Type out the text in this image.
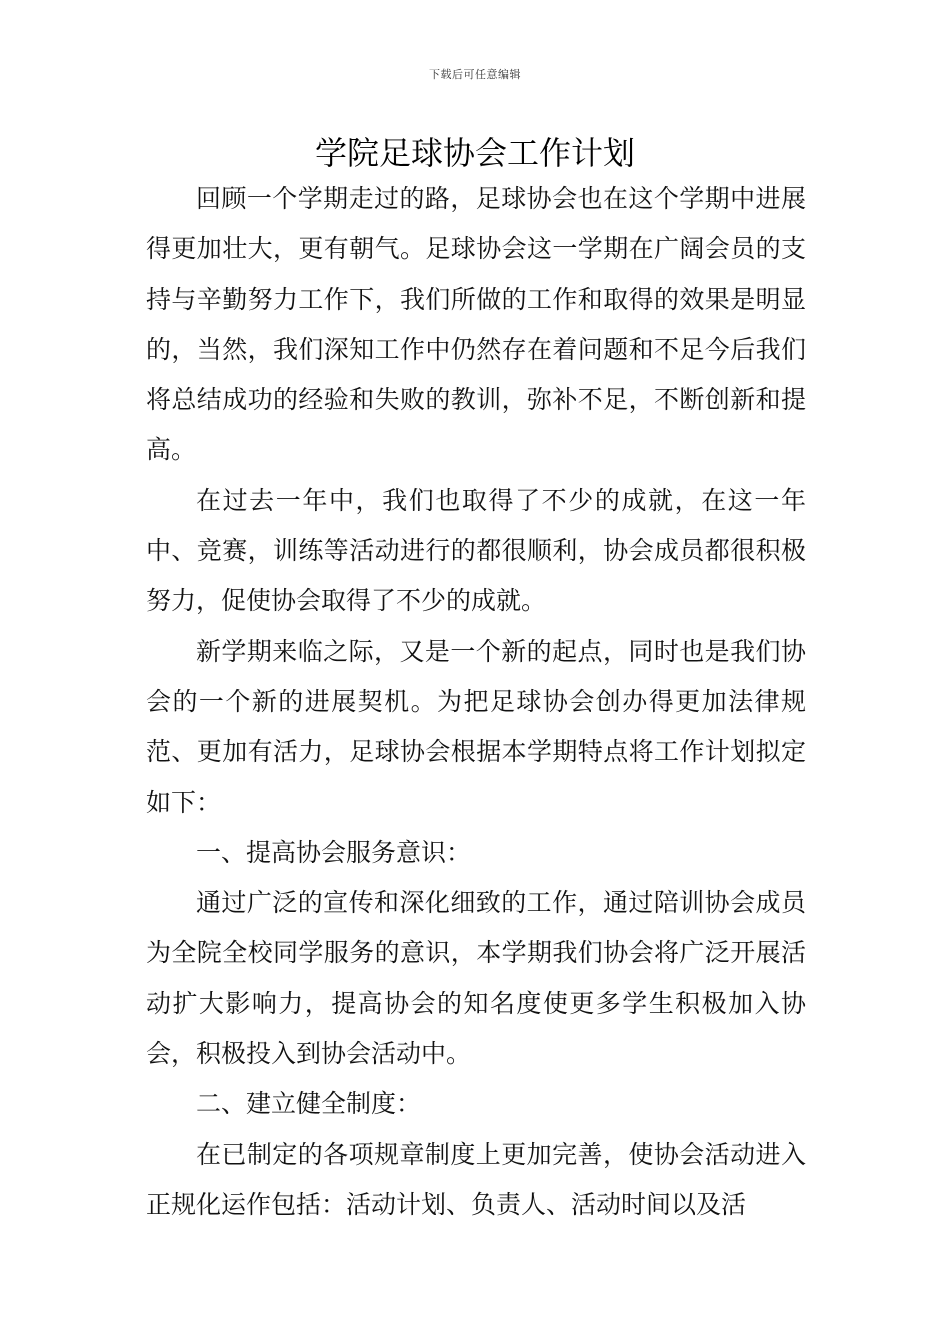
下载后可任意编辑
学院足球协会工作计划

回顾一个学期走过的路，足球协会也在这个学期中进展得更加壮大，更有朝气。足球协会这一学期在广阔会员的支持与辛勤努力工作下，我们所做的工作和取得的效果是明显的，当然，我们深知工作中仍然存在着问题和不足今后我们将总结成功的经验和失败的教训，弥补不足，不断创新和提高。

在过去一年中，我们也取得了不少的成就，在这一年中、竞赛，训练等活动进行的都很顺利，协会成员都很积极努力，促使协会取得了不少的成就。

新学期来临之际，又是一个新的起点，同时也是我们协会的一个新的进展契机。为把足球协会创办得更加法律规范、更加有活力，足球协会根据本学期特点将工作计划拟定如下：

一、提高协会服务意识：

通过广泛的宣传和深化细致的工作，通过陪训协会成员为全院全校同学服务的意识，本学期我们协会将广泛开展活动扩大影响力，提高协会的知名度使更多学生积极加入协会，积极投入到协会活动中。

二、建立健全制度：

在已制定的各项规章制度上更加完善，使协会活动进入正规化运作包括：活动计划、负责人、活动时间以及活
